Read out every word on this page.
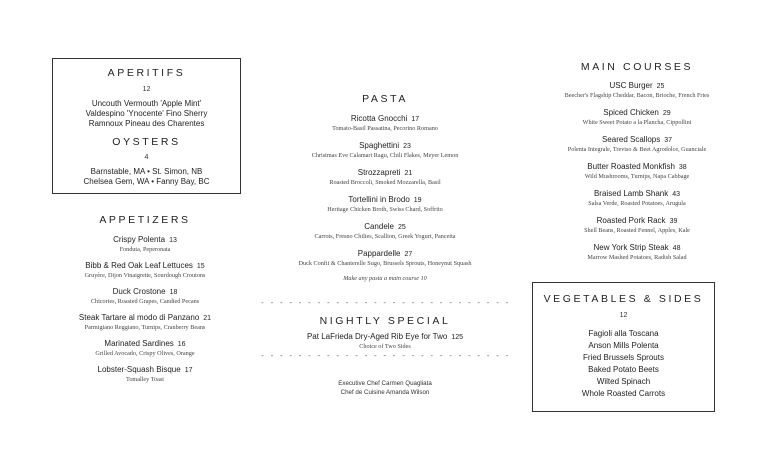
APERITIFS
12
Uncouth Vermouth 'Apple Mint'
Valdespino 'Ynocente' Fino Sherry
Ramnoux Pineau des Charentes
OYSTERS
4
Barnstable, MA • St. Simon, NB
Chelsea Gem, WA • Fanny Bay, BC
APPETIZERS
Crispy Polenta 13
Fonduta, Peperonata
Bibb & Red Oak Leaf Lettuces 15
Gruyère, Dijon Vinaigrette, Sourdough Croutons
Duck Crostone 18
Chicories, Roasted Grapes, Candied Pecans
Steak Tartare al modo di Panzano 21
Parmigiano Reggiano, Turnips, Cranberry Beans
Marinated Sardines 16
Grilled Avocado, Crispy Olives, Orange
Lobster-Squash Bisque 17
Tomalley Toast
PASTA
Ricotta Gnocchi 17
Tomato-Basil Passatina, Pecorino Romano
Spaghettini 23
Christmas Eve Calamari Ragu, Chili Flakes, Meyer Lemon
Strozzapreti 21
Roasted Broccoli, Smoked Mozzarella, Basil
Tortellini in Brodo 19
Heritage Chicken Broth, Swiss Chard, Soffrito
Candele 25
Carrots, Fresno Chilies, Scallion, Greek Yogurt, Pancetta
Pappardelle 27
Duck Confit & Chanterelle Sugo, Brussels Sprouts, Honeynut Squash
Make any pasta a main course 10
- - - - - - - - - - - - - - - - - - - - - - - - - - -
NIGHTLY SPECIAL
Pat LaFrieda Dry-Aged Rib Eye for Two 125
Choice of Two Sides
- - - - - - - - - - - - - - - - - - - - - - - - - - -
Executive Chef Carmen Quagliata
Chef de Cuisine Amanda Wilson
MAIN COURSES
USC Burger 25
Beecher's Flagship Cheddar, Bacon, Brioche, French Fries
Spiced Chicken 29
White Sweet Potato a la Plancha, Cippollini
Seared Scallops 37
Polenta Integrale, Treviso & Beet Agrodolce, Guanciale
Butter Roasted Monkfish 38
Wild Mushrooms, Turnips, Napa Cabbage
Braised Lamb Shank 43
Salsa Verde, Roasted Potatoes, Arugula
Roasted Pork Rack 39
Shell Beans, Roasted Fennel, Apples, Kale
New York Strip Steak 48
Marrow Mashed Potatoes, Radish Salad
VEGETABLES & SIDES
12
Fagioli alla Toscana
Anson Mills Polenta
Fried Brussels Sprouts
Baked Potato Beets
Wilted Spinach
Whole Roasted Carrots
